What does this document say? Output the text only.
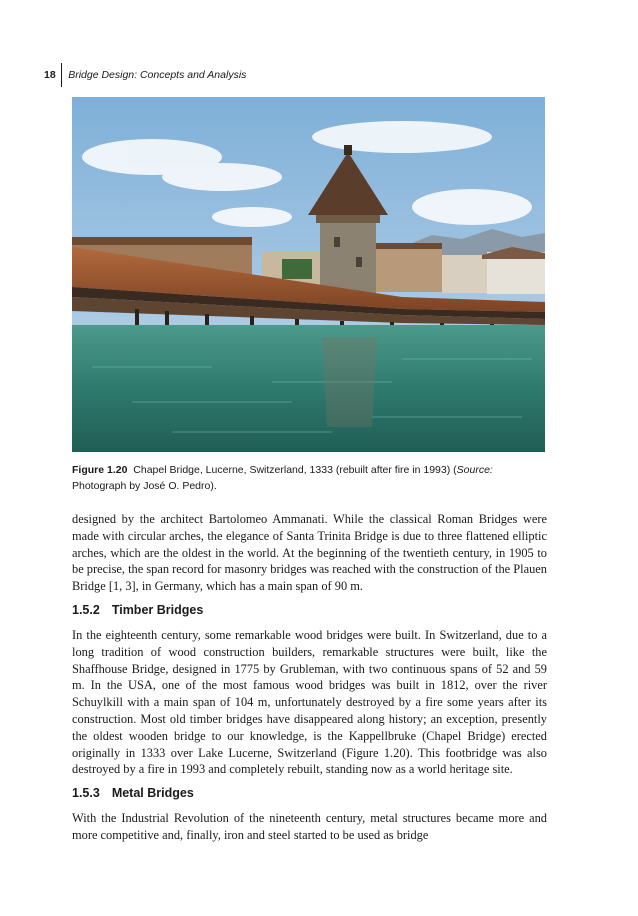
18	Bridge Design: Concepts and Analysis
Figure 1.20 Chapel Bridge, Lucerne, Switzerland, 1333 (rebuilt after fire in 1993) (Source: Photograph by José O. Pedro).

designed by the architect Bartolomeo Ammanati. While the classical Roman Bridges were made with circular arches, the elegance of Santa Trinita Bridge is due to three flattened elliptic arches, which are the oldest in the world. At the beginning of the twentieth century, in 1905 to be precise, the span record for masonry bridges was reached with the construction of the Plauen Bridge [1, 3], in Germany, which has a main span of 90 m.

1.5.2 Timber Bridges

In the eighteenth century, some remarkable wood bridges were built. In Switzerland, due to a long tradition of wood construction builders, remarkable structures were built, like the Shaffhouse Bridge, designed in 1775 by Grubleman, with two continuous spans of 52 and 59 m. In the USA, one of the most famous wood bridges was built in 1812, over the river Schuylkill with a main span of 104 m, unfortunately destroyed by a fire some years after its construction. Most old timber bridges have disappeared along history; an exception, presently the oldest wooden bridge to our knowledge, is the Kappellbruke (Chapel Bridge) erected originally in 1333 over Lake Lucerne, Switzerland (Figure 1.20). This footbridge was also destroyed by a fire in 1993 and completely rebuilt, standing now as a world heritage site.

1.5.3 Metal Bridges

With the Industrial Revolution of the nineteenth century, metal structures became more and more competitive and, finally, iron and steel started to be used as bridge
